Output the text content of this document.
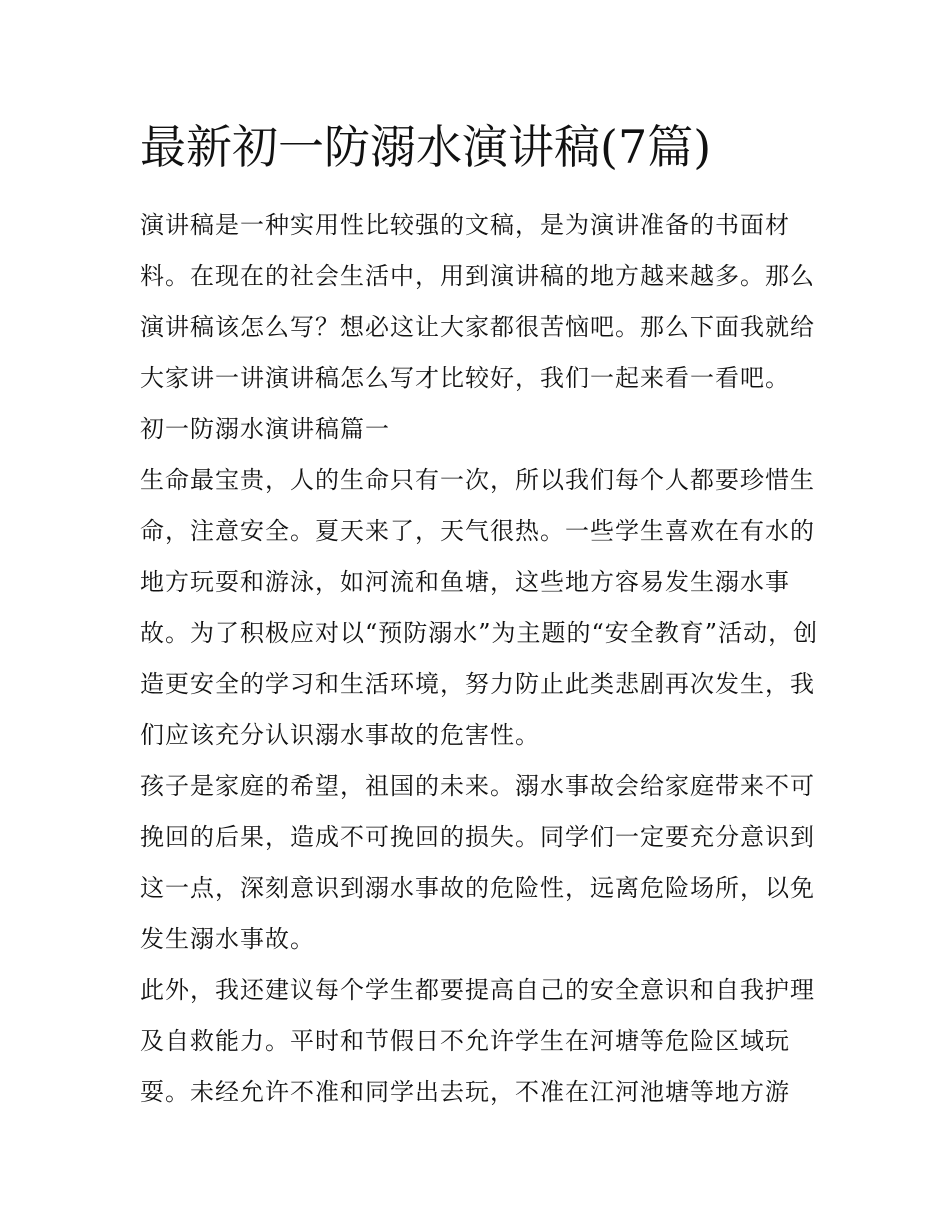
最新初一防溺水演讲稿(7篇)
演讲稿是一种实用性比较强的文稿，是为演讲准备的书面材
料。在现在的社会生活中，用到演讲稿的地方越来越多。那么
演讲稿该怎么写？想必这让大家都很苦恼吧。那么下面我就给
大家讲一讲演讲稿怎么写才比较好，我们一起来看一看吧。
初一防溺水演讲稿篇一
生命最宝贵，人的生命只有一次，所以我们每个人都要珍惜生
命，注意安全。夏天来了，天气很热。一些学生喜欢在有水的
地方玩耍和游泳，如河流和鱼塘，这些地方容易发生溺水事
故。为了积极应对以“预防溺水”为主题的“安全教育”活动，创
造更安全的学习和生活环境，努力防止此类悲剧再次发生，我
们应该充分认识溺水事故的危害性。
孩子是家庭的希望，祖国的未来。溺水事故会给家庭带来不可
挽回的后果，造成不可挽回的损失。同学们一定要充分意识到
这一点，深刻意识到溺水事故的危险性，远离危险场所，以免
发生溺水事故。
此外，我还建议每个学生都要提高自己的安全意识和自我护理
及自救能力。平时和节假日不允许学生在河塘等危险区域玩
耍。未经允许不准和同学出去玩，不准在江河池塘等地方游
